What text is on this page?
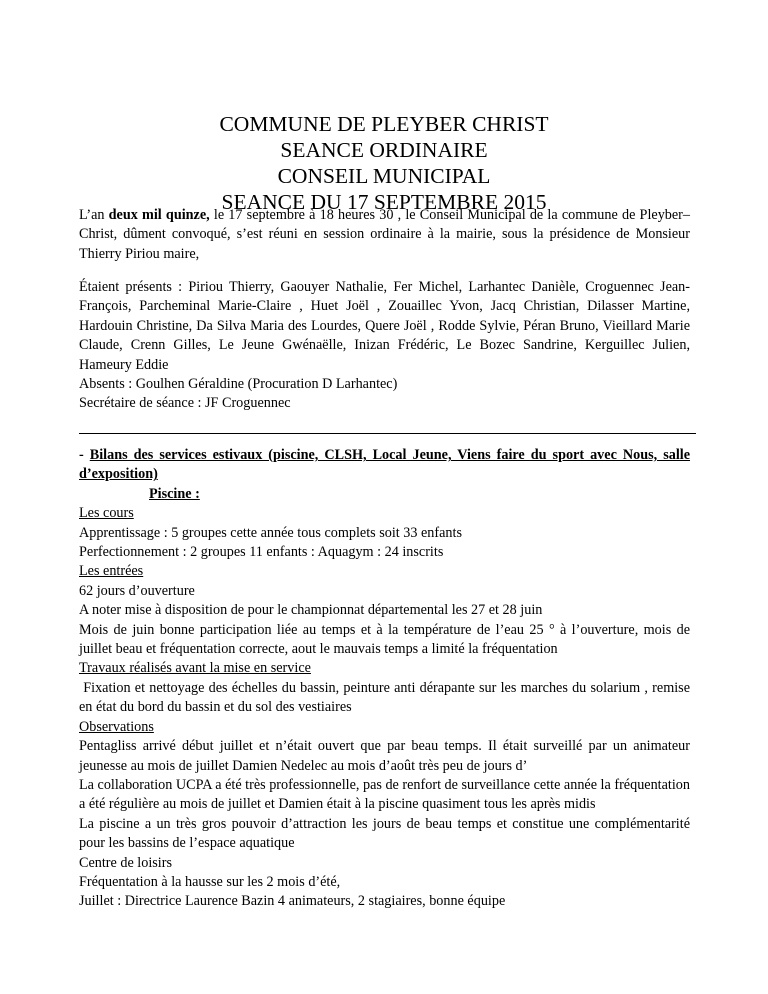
COMMUNE DE PLEYBER CHRIST
SEANCE ORDINAIRE
CONSEIL MUNICIPAL
SEANCE DU 17 SEPTEMBRE 2015
L’an deux mil quinze, le 17 septembre à 18 heures 30 , le Conseil Municipal de la commune de Pleyber–Christ, dûment convoqué, s’est réuni en session ordinaire à la mairie, sous la présidence de Monsieur Thierry Piriou maire,
Étaient présents : Piriou Thierry, Gaouyer Nathalie, Fer Michel, Larhantec Danièle, Croguennec Jean- François, Parcheminal Marie-Claire , Huet Joël , Zouaillec Yvon, Jacq Christian, Dilasser Martine, Hardouin Christine, Da Silva Maria des Lourdes, Quere Joël , Rodde Sylvie, Péran Bruno, Vieillard Marie Claude, Crenn Gilles, Le Jeune Gwénaëlle, Inizan Frédéric, Le Bozec Sandrine, Kerguillec Julien, Hameury Eddie
Absents : Goulhen Géraldine (Procuration D Larhantec)
Secrétaire de séance : JF Croguennec
- Bilans des services estivaux (piscine, CLSH, Local Jeune, Viens faire du sport avec Nous, salle d’exposition)
Piscine :
Les cours
Apprentissage : 5 groupes cette année tous complets soit 33 enfants
Perfectionnement : 2 groupes 11 enfants : Aquagym : 24 inscrits
Les entrées
62 jours d’ouverture
A noter mise à disposition de pour le championnat départemental les 27 et 28 juin
Mois de juin bonne participation liée au temps et à la température de l’eau 25 ° à l’ouverture, mois de juillet beau et fréquentation correcte, aout le mauvais temps a limité la fréquentation
Travaux réalisés avant la mise en service
Fixation et nettoyage des échelles du bassin, peinture anti dérapante sur les marches du solarium , remise en état du bord du bassin et du sol des vestiaires
Observations
Pentagliss arrivé début juillet et n’était ouvert que par beau temps. Il était surveillé par un animateur jeunesse au mois de juillet Damien Nedelec au mois d’août très peu de jours d’
La collaboration UCPA a été très professionnelle, pas de renfort de surveillance cette année la fréquentation a été régulière au mois de juillet et Damien était à la piscine quasiment tous les après midis
La piscine a un très gros pouvoir d’attraction les jours de beau temps et constitue une complémentarité pour les bassins de l’espace aquatique
Centre de loisirs
Fréquentation à la hausse sur les 2 mois d’été,
Juillet : Directrice Laurence Bazin 4 animateurs, 2 stagiaires, bonne équipe
